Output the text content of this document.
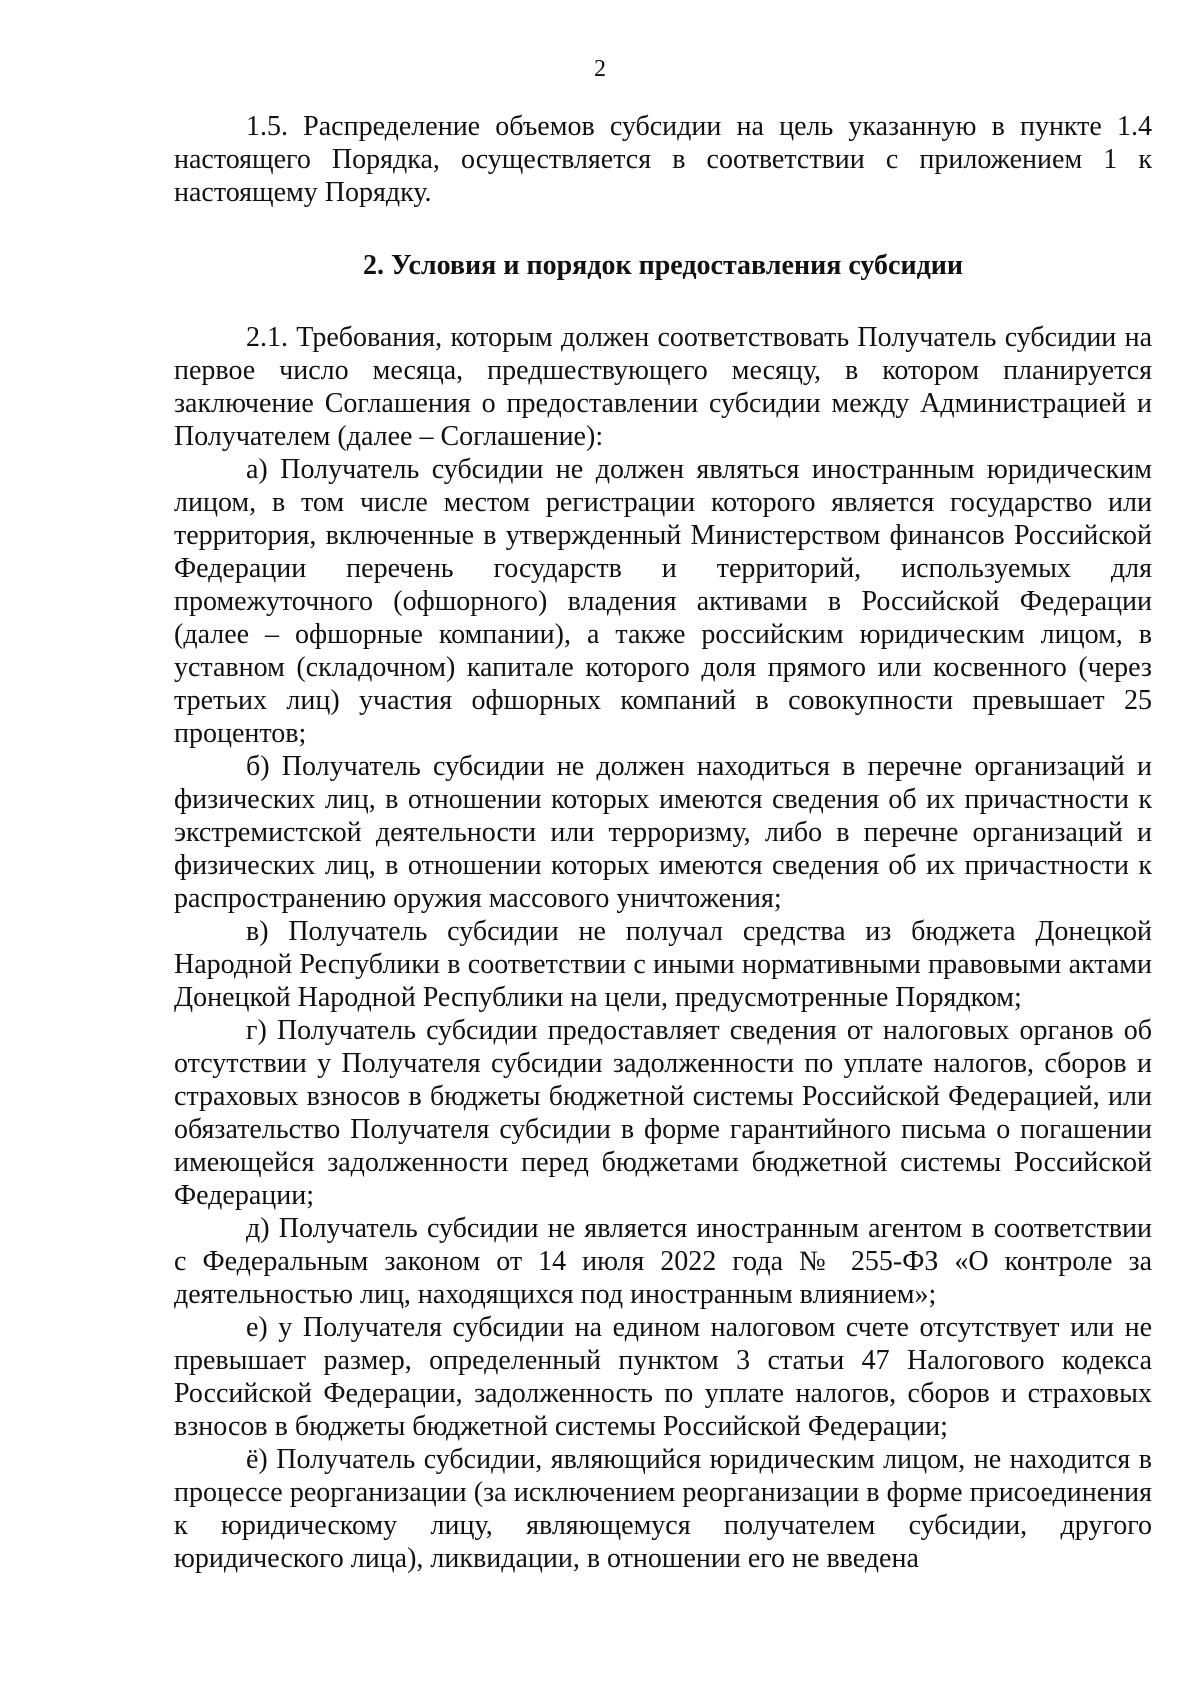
2

1.5. Распределение объемов субсидии на цель указанную в пункте 1.4 настоящего Порядка, осуществляется в соответствии с приложением 1 к настоящему Порядку.

2. Условия и порядок предоставления субсидии

2.1. Требования, которым должен соответствовать Получатель субсидии на первое число месяца, предшествующего месяцу, в котором планируется заключение Соглашения о предоставлении субсидии между Администрацией и Получателем (далее – Соглашение):

а) Получатель субсидии не должен являться иностранным юридическим лицом, в том числе местом регистрации которого является государство или территория, включенные в утвержденный Министерством финансов Российской Федерации перечень государств и территорий, используемых для промежуточного (офшорного) владения активами в Российской Федерации (далее – офшорные компании), а также российским юридическим лицом, в уставном (складочном) капитале которого доля прямого или косвенного (через третьих лиц) участия офшорных компаний в совокупности превышает 25 процентов;

б) Получатель субсидии не должен находиться в перечне организаций и физических лиц, в отношении которых имеются сведения об их причастности к экстремистской деятельности или терроризму, либо в перечне организаций и физических лиц, в отношении которых имеются сведения об их причастности к распространению оружия массового уничтожения;

в) Получатель субсидии не получал средства из бюджета Донецкой Народной Республики в соответствии с иными нормативными правовыми актами Донецкой Народной Республики на цели, предусмотренные Порядком;

г) Получатель субсидии предоставляет сведения от налоговых органов об отсутствии у Получателя субсидии задолженности по уплате налогов, сборов и страховых взносов в бюджеты бюджетной системы Российской Федерацией, или обязательство Получателя субсидии в форме гарантийного письма о погашении имеющейся задолженности перед бюджетами бюджетной системы Российской Федерации;

д) Получатель субсидии не является иностранным агентом в соответствии с Федеральным законом от 14 июля 2022 года № 255-ФЗ «О контроле за деятельностью лиц, находящихся под иностранным влиянием»;

е) у Получателя субсидии на едином налоговом счете отсутствует или не превышает размер, определенный пунктом 3 статьи 47 Налогового кодекса Российской Федерации, задолженность по уплате налогов, сборов и страховых взносов в бюджеты бюджетной системы Российской Федерации;

ё) Получатель субсидии, являющийся юридическим лицом, не находится в процессе реорганизации (за исключением реорганизации в форме присоединения к юридическому лицу, являющемуся получателем субсидии, другого юридического лица), ликвидации, в отношении его не введена
